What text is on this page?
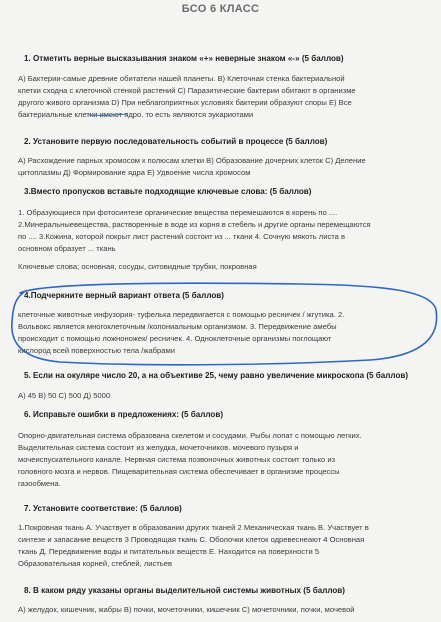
БСО 6 КЛАСС
1. Отметить верные высказывания знаком «+» неверные знаком «-» (5 баллов)

А) Бактерии-самые древние обитатели нашей планеты. В) Клеточная стенка бактериальной

клетки сходна с клеточной стенкой растений С) Паразитические бактерии обитают в организме

другого живого организма D) При неблагоприятных условиях бактерии образуют споры Е) Все

бактериальные клетки имеют ядро. то есть являются эукариотами

2. Установите первую последовательность событий в процессе (5 баллов)

А) Расхождение парных хромосом к полюсам клетки В) Образование дочерних клеток С) Деление

цитоплазмы Д) Формирование ядра Е) Удвоение числа хромосом

3.Вместо пропусков вставьте подходящие ключевые слова: (5 баллов)

1. Образующиеся при фотосинтезе органические вещества перемешаются в корень по ....

2.Минеральныевещества, растворенные в воде из корня в стебель и другие органы перемещаются

по .... 3.Кожина, которой покрыт лист растений состоит из ... ткани 4. Сочную мякоть листа в

основном образует ... ткань

Ключевые слова; основная, сосуды, ситовидные трубки, покровная

4.Подчеркните верный вариант ответа (5 баллов)

клеточные животные инфузория- туфелька передвигается с помощью ресничек / жгутика. 2.

Вольвокс является многоклеточным /колониальным организмом. 3. Передвижение амебы

происходит с помощью ложноножек/ ресничек. 4. Одноклеточные организмы поглощают

кислород всей поверхностью тела /жабрами

5. Если на окуляре число 20, а на объективе 25, чему равно увеличение микроскопа (5 баллов)

А) 45 В) 50 С) 500 Д) 5000

6. Исправьте ошибки в предложениях: (5 баллов)

Опорно-двигательная система образована скелетом и сосудами. Рыбы лопат с помощью легких.

Выделительная система состоит из желудка, мочеточников. мочевого пузыря и

мочеиспускательного канале. Нервная система позвоночных животных состоит только из

головного мозга и нервов. Пищеварительная система обеспечивает в организме процессы

газообмена.

7. Установите соответствие: (5 баллов)

1.Покровная ткань А. Участвует в образовании других тканей 2 Механическая ткань В. Участвует в

синтезе и запасание веществ 3 Проводящая ткань С. Оболочки клеток одревеснеают 4 Основная

ткань Д. Передвижение воды и питательных веществ Е. Находится на поверхности 5

Образовательная корней, стеблей, листьев

8. В каком ряду указаны органы выделительной системы животных (5 баллов)

А) желудок, кишечник, жабры В) почки, мочеточники, кишечник С) мочеточники, почки, мочевой
